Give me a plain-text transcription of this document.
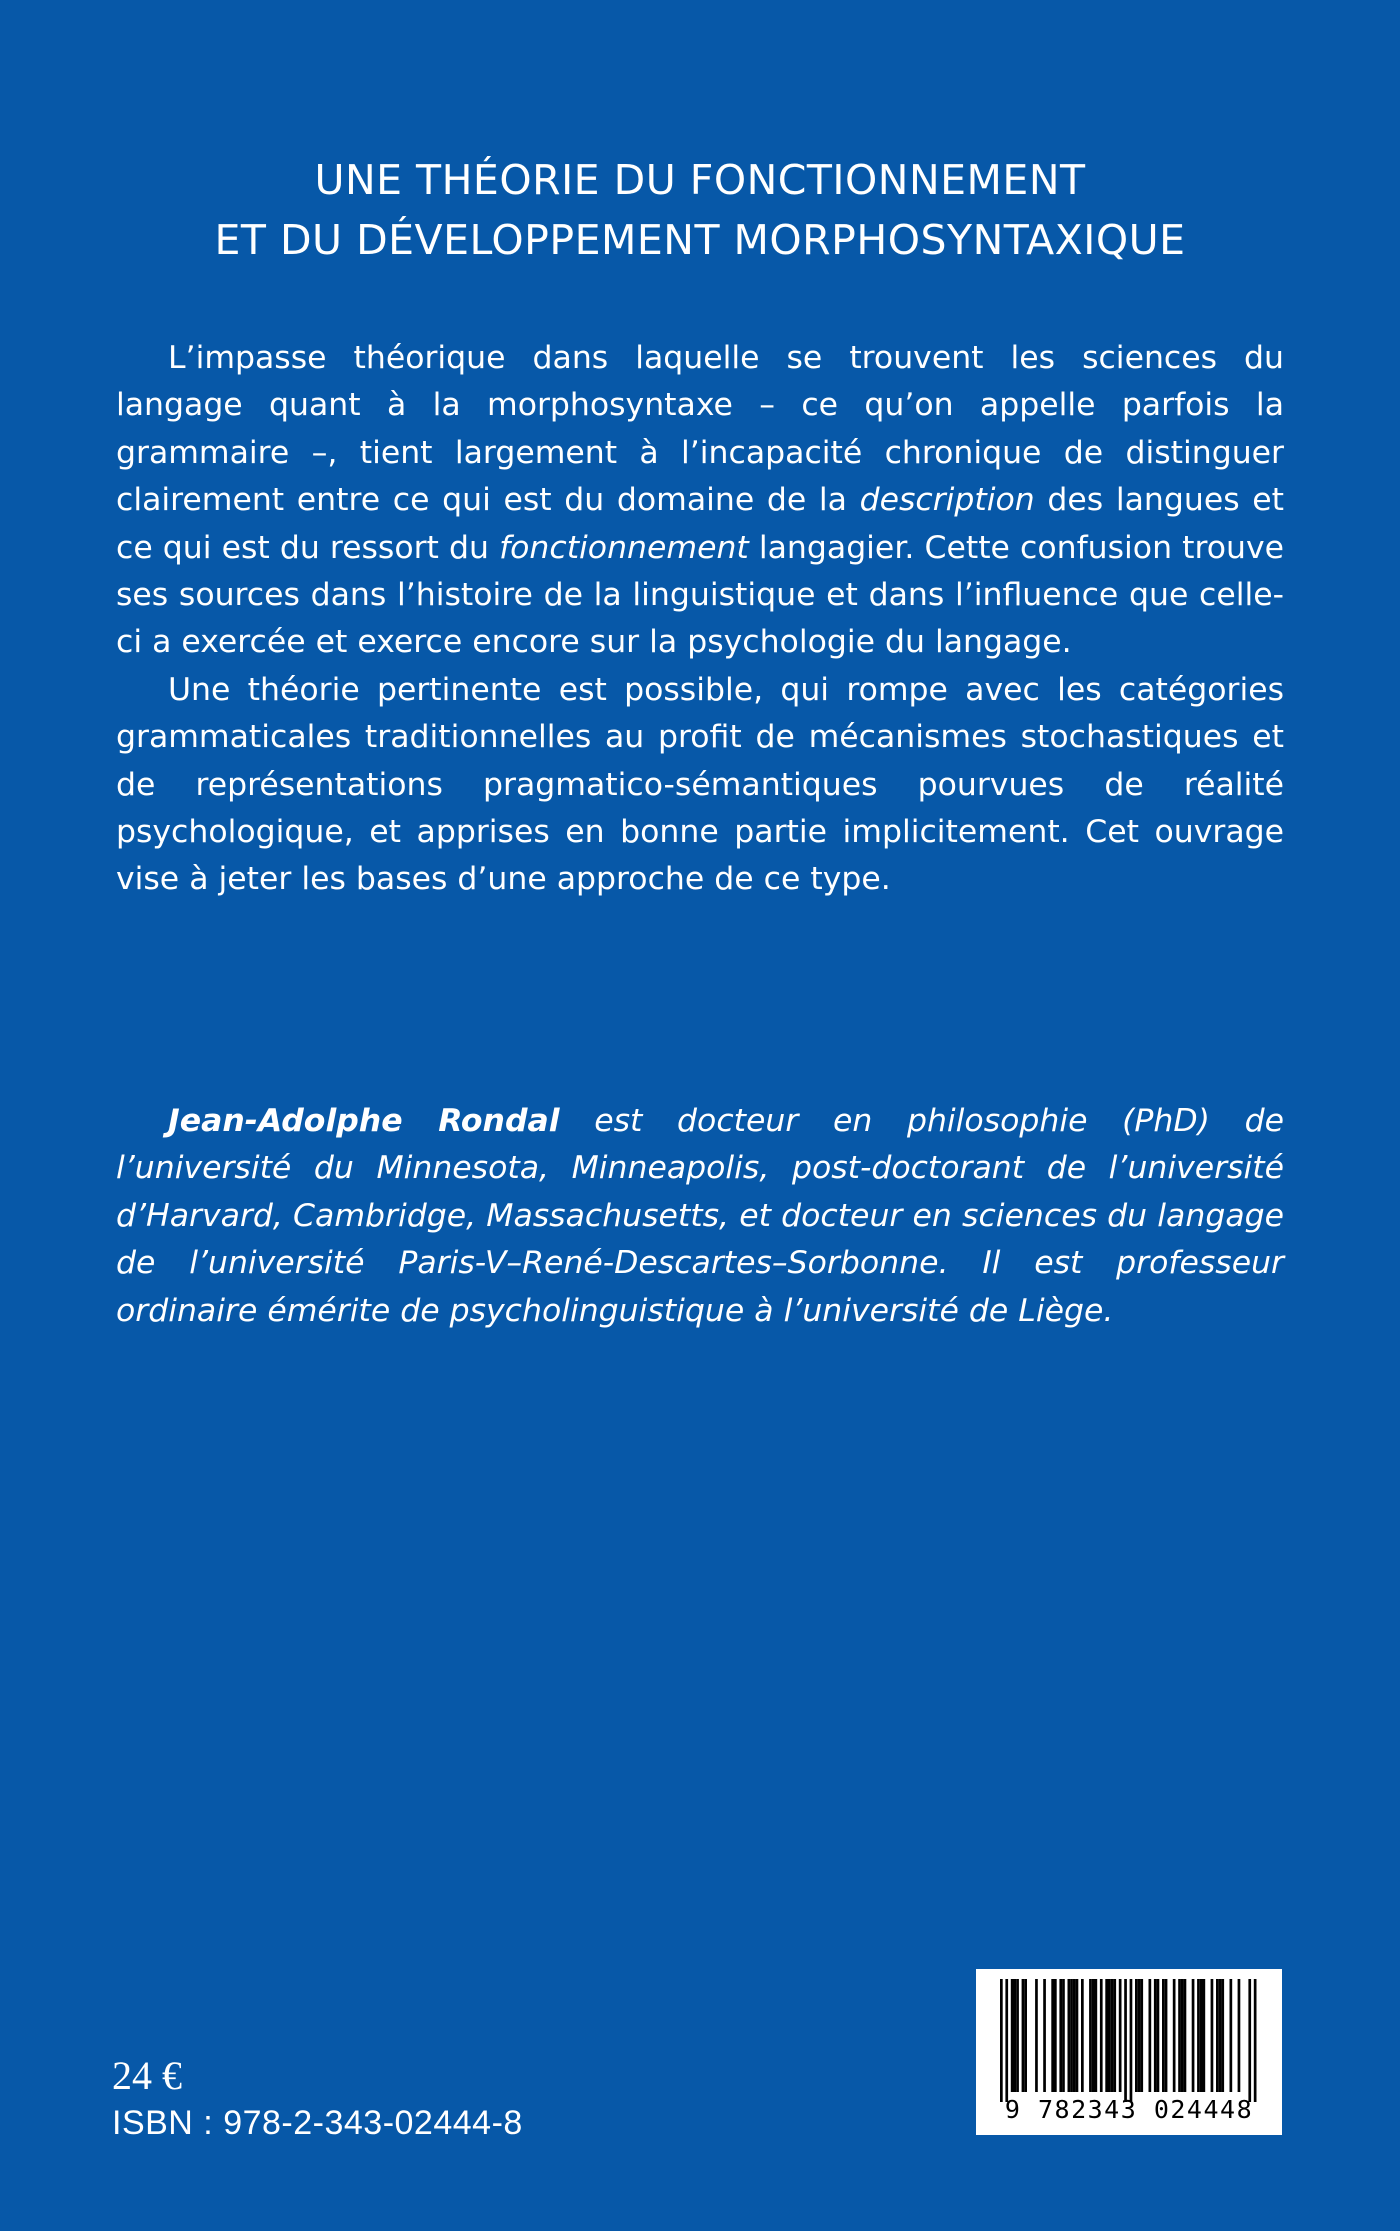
UNE THÉORIE DU FONCTIONNEMENT
ET DU DÉVELOPPEMENT MORPHOSYNTAXIQUE

L’impasse théorique dans laquelle se trouvent les sciences du langage quant à la morphosyntaxe – ce qu’on appelle parfois la grammaire –, tient largement à l’incapacité chronique de distinguer clairement entre ce qui est du domaine de la description des langues et ce qui est du ressort du fonctionnement langagier. Cette confusion trouve ses sources dans l’histoire de la linguistique et dans l’influence que celle-ci a exercée et exerce encore sur la psychologie du langage.

Une théorie pertinente est possible, qui rompe avec les catégories grammaticales traditionnelles au profit de mécanismes stochastiques et de représentations pragmatico-sémantiques pourvues de réalité psychologique, et apprises en bonne partie implicitement. Cet ouvrage vise à jeter les bases d’une approche de ce type.

Jean-Adolphe Rondal est docteur en philosophie (PhD) de l’université du Minnesota, Minneapolis, post-doctorant de l’université d’Harvard, Cambridge, Massachusetts, et docteur en sciences du langage de l’université Paris-V–René-Descartes–Sorbonne. Il est professeur ordinaire émérite de psycholinguistique à l’université de Liège.

24 €
ISBN : 978-2-343-02444-8	9 782343 024448
